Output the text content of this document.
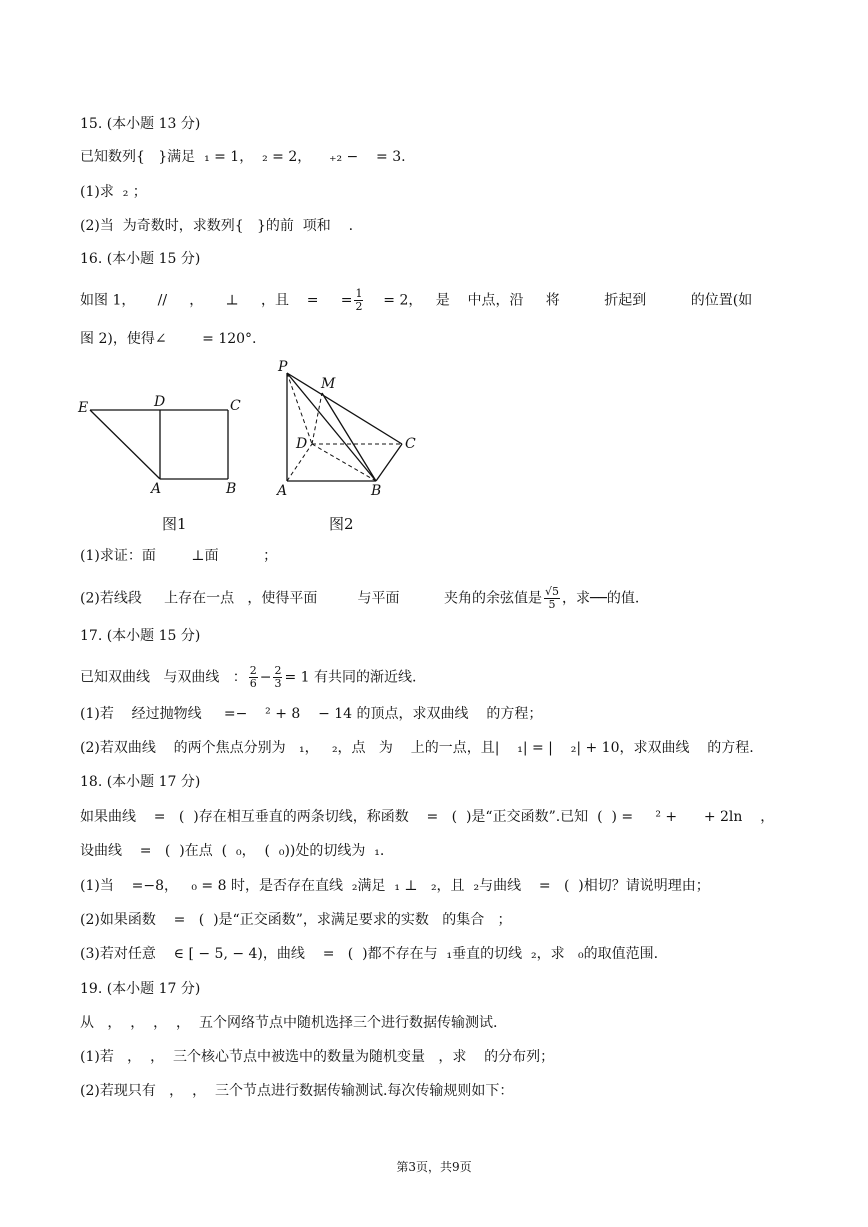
15. (本小题 13 分)
已知数列{   }满足  ₁ = 1，  ₂ = 2，    ₊₂ −    = 3.
(1)求  ₂ ；
(2)当  为奇数时，求数列{   }的前  项和    .
16. (本小题 15 分)
如图 1，     //     ，     ⊥     ，且    =     = $\frac{1}{2} = 2$，   是    中点，沿     将          折起到          的位置(如
图 2)，使得∠        = 120°.
E	D	C
A	B
图1
P
M
D	C
A	B
图2
(1)求证：面        ⊥面          ；
(2)若线段     上存在一点   ，使得平面         与平面          夹角的余弦值是 $\frac{√5}{5}$ ，求──的值.
17. (本小题 15 分)
已知双曲线   与双曲线   ： $\frac{2}{6} - \frac{2}{3} = 1$ 有共同的渐近线.
(1)若    经过抛物线     =−    ² + 8    − 14 的顶点，求双曲线    的方程；
(2)若双曲线    的两个焦点分别为   ₁，   ₂，点   为    上的一点，且|    ₁| = |    ₂| + 10，求双曲线    的方程.
18. (本小题 17 分)
如果曲线    =   (  )存在相互垂直的两条切线，称函数    =   (  )是“正交函数”.已知  (  ) =     ² +      + 2ln    ，
设曲线    =   (  )在点  (  ₀，  (  ₀))处的切线为  ₁.
(1)当    =−8，   ₀ = 8 时，是否存在直线  ₂满足  ₁ ⊥   ₂，且  ₂与曲线    =   (  )相切？请说明理由；
(2)如果函数    =   (  )是“正交函数”，求满足要求的实数   的集合   ；
(3)若对任意    ∈ [ − 5, − 4)，曲线    =   (  )都不存在与  ₁垂直的切线  ₂，求   ₀的取值范围.
19. (本小题 17 分)
从   ，  ，  ，  ，  五个网络节点中随机选择三个进行数据传输测试.
(1)若   ，  ，  三个核心节点中被选中的数量为随机变量   ，求    的分布列；
(2)若现只有   ，  ，  三个节点进行数据传输测试.每次传输规则如下：
第3页，共9页
